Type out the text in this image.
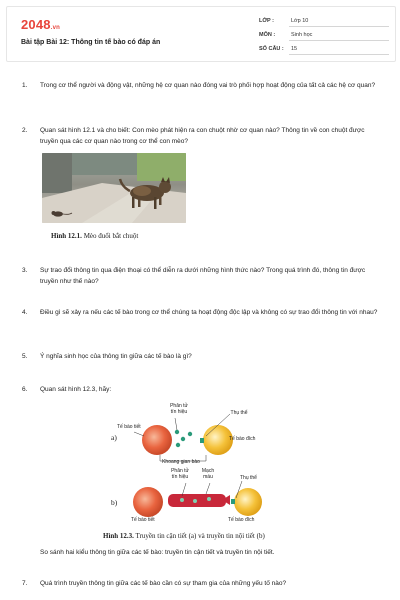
2048.vn
Bài tập Bài 12: Thông tin tế bào có đáp án
LỚP :	Lớp 10
MÔN :	Sinh học
SỐ CÂU : 15
1. Trong cơ thể người và động vật, những hệ cơ quan nào đóng vai trò phối hợp hoạt động của tất cả các hệ cơ quan?
2. Quan sát hình 12.1 và cho biết: Con mèo phát hiện ra con chuột nhờ cơ quan nào? Thông tin về con chuột được truyền qua các cơ quan nào trong cơ thể con mèo?
Hình 12.1. Mèo đuổi bắt chuột
3. Sự trao đổi thông tin qua điện thoại có thể diễn ra dưới những hình thức nào? Trong quá trình đó, thông tin được truyền như thế nào?
4. Điều gì sẽ xảy ra nếu các tế bào trong cơ thể chúng ta hoạt động độc lập và không có sự trao đổi thông tin với nhau?
5. Ý nghĩa sinh học của thông tin giữa các tế bào là gì?
6. Quan sát hình 12.3, hãy:
a)
b)
Phân tử
tín hiệu	Thụ thể
Tế bào tiết
Tế bào đích
Khoang gian bào
Phân tử
tín hiệu
Mạch
máu	Thụ thể
Tế bào tiết	Tế bào đích
Hình 12.3. Truyền tin cận tiết (a) và truyền tin nội tiết (b)
So sánh hai kiểu thông tin giữa các tế bào: truyền tin cận tiết và truyền tin nội tiết.
7. Quá trình truyền thông tin giữa các tế bào cần có sự tham gia của những yếu tố nào?
